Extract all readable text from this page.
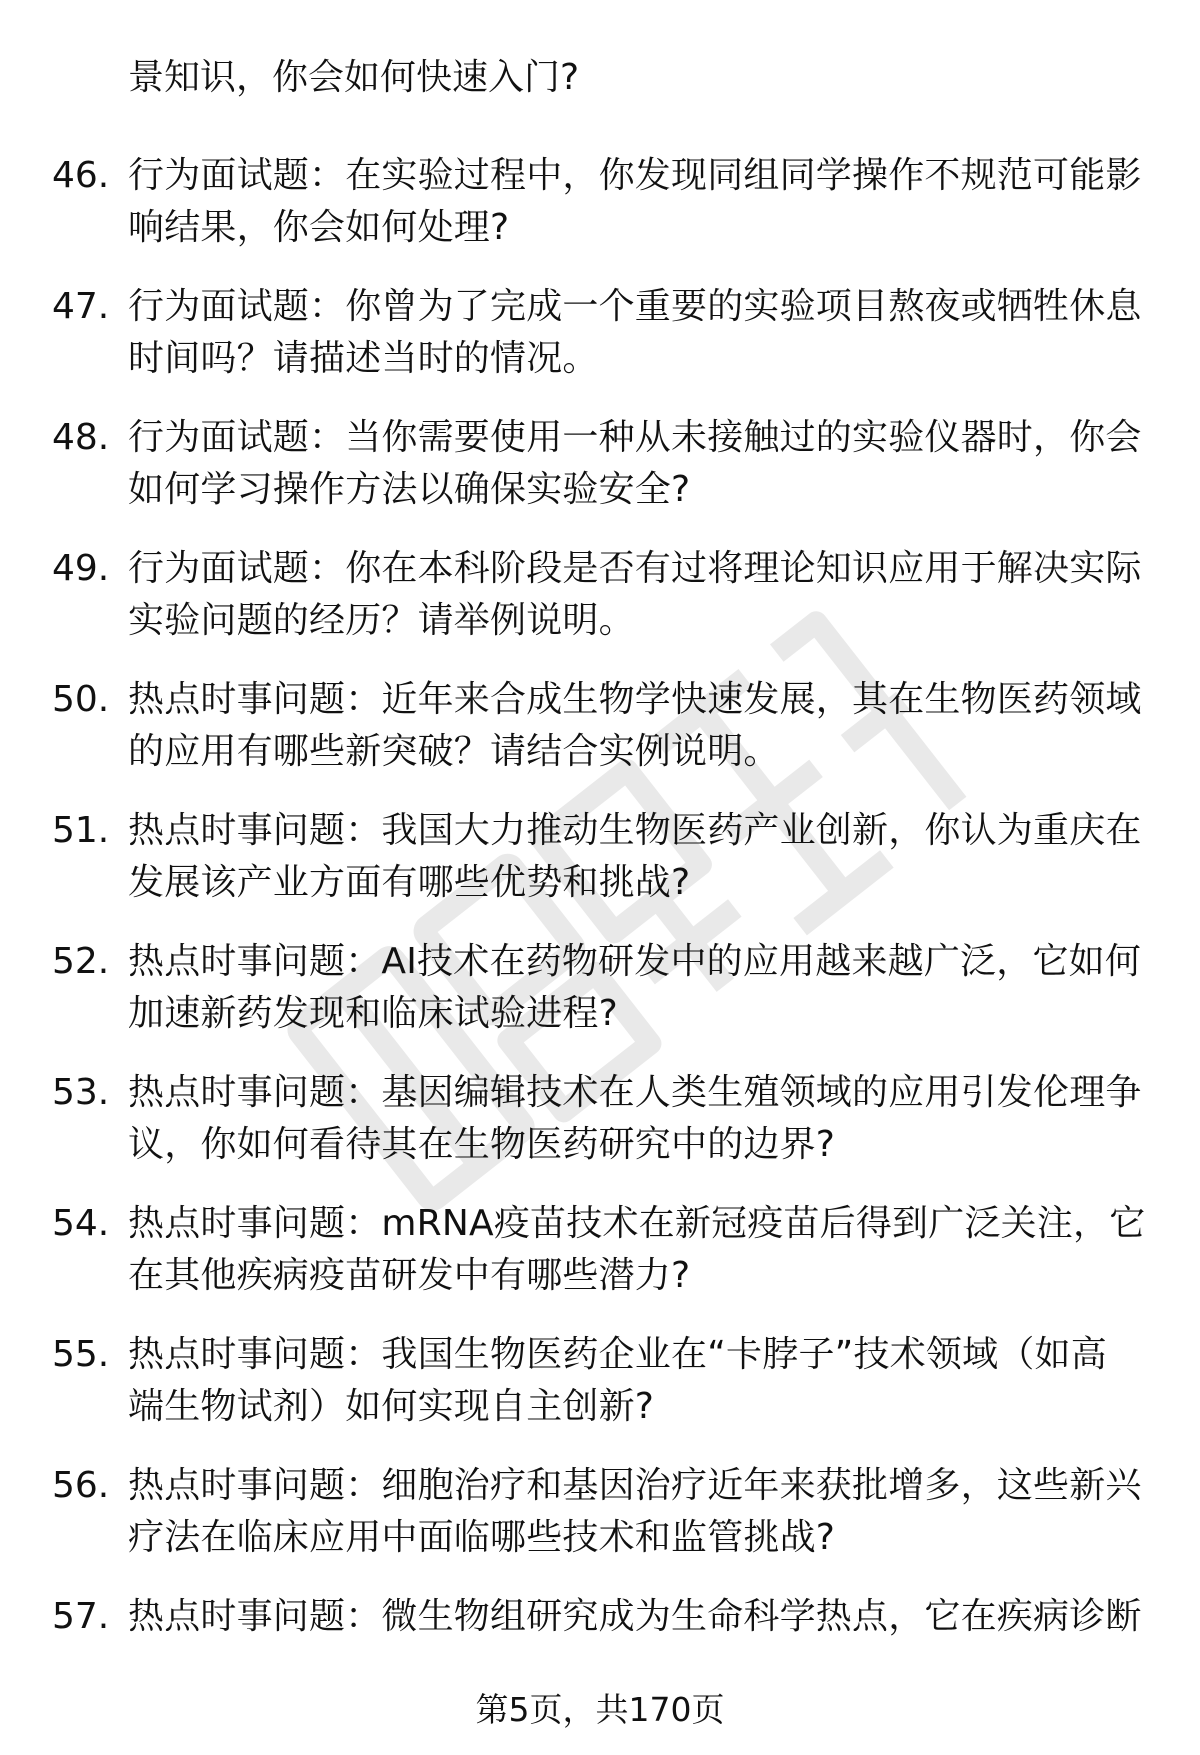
景知识，你会如何快速入门?
46. 行为面试题：在实验过程中，你发现同组同学操作不规范可能影
响结果，你会如何处理?
47. 行为面试题：你曾为了完成一个重要的实验项目熬夜或牺牲休息
时间吗？请描述当时的情况。
48. 行为面试题：当你需要使用一种从未接触过的实验仪器时，你会
如何学习操作方法以确保实验安全?
49. 行为面试题：你在本科阶段是否有过将理论知识应用于解决实际
实验问题的经历？请举例说明。
50. 热点时事问题：近年来合成生物学快速发展，其在生物医药领域
的应用有哪些新突破？请结合实例说明。
51. 热点时事问题：我国大力推动生物医药产业创新，你认为重庆在
发展该产业方面有哪些优势和挑战?
52. 热点时事问题：AI技术在药物研发中的应用越来越广泛，它如何
加速新药发现和临床试验进程?
53. 热点时事问题：基因编辑技术在人类生殖领域的应用引发伦理争
议，你如何看待其在生物医药研究中的边界?
54. 热点时事问题：mRNA疫苗技术在新冠疫苗后得到广泛关注，它
在其他疾病疫苗研发中有哪些潜力?
55. 热点时事问题：我国生物医药企业在“卡脖子”技术领域（如高
端生物试剂）如何实现自主创新?
56. 热点时事问题：细胞治疗和基因治疗近年来获批增多，这些新兴
疗法在临床应用中面临哪些技术和监管挑战?
57. 热点时事问题：微生物组研究成为生命科学热点，它在疾病诊断
第5页，共170页
